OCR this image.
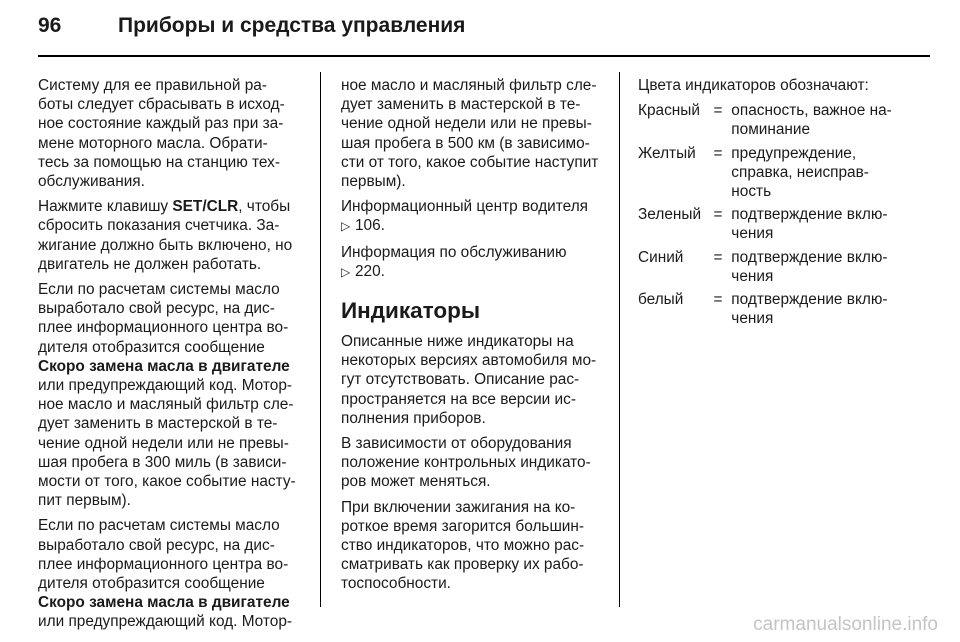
96	Приборы и средства управления

Систему для ее правильной ра-
боты следует сбрасывать в исход-
ное состояние каждый раз при за-
мене моторного масла. Обрати-
тесь за помощью на станцию тех-
обслуживания.

Нажмите клавишу SET/CLR, чтобы
сбросить показания счетчика. За-
жигание должно быть включено, но
двигатель не должен работать.

Если по расчетам системы масло
выработало свой ресурс, на дис-
плее информационного центра во-
дителя отобразится сообщение
Скоро замена масла в двигателе
или предупреждающий код. Мотор-
ное масло и масляный фильтр сле-
дует заменить в мастерской в те-
чение одной недели или не превы-
шая пробега в 300 миль (в зависи-
мости от того, какое событие насту-
пит первым).

Если по расчетам системы масло
выработало свой ресурс, на дис-
плее информационного центра во-
дителя отобразится сообщение
Скоро замена масла в двигателе
или предупреждающий код. Мотор-

ное масло и масляный фильтр сле-
дует заменить в мастерской в те-
чение одной недели или не превы-
шая пробега в 500 км (в зависимо-
сти от того, какое событие наступит
первым).

Информационный центр водителя
▷ 106.

Информация по обслуживанию
▷ 220.

Индикаторы

Описанные ниже индикаторы на
некоторых версиях автомобиля мо-
гут отсутствовать. Описание рас-
пространяется на все версии ис-
полнения приборов.

В зависимости от оборудования
положение контрольных индикато-
ров может меняться.

При включении зажигания на ко-
роткое время загорится большин-
ство индикаторов, что можно рас-
сматривать как проверку их рабо-
тоспособности.

Цвета индикаторов обозначают:
Красный = опасность, важное на-
поминание
Желтый	= предупреждение,
справка, неисправ-
ность
Зеленый = подтверждение вклю-
чения
Синий	= подтверждение вклю-
чения
белый	= подтверждение вклю-
чения
carmanualsonline.info
